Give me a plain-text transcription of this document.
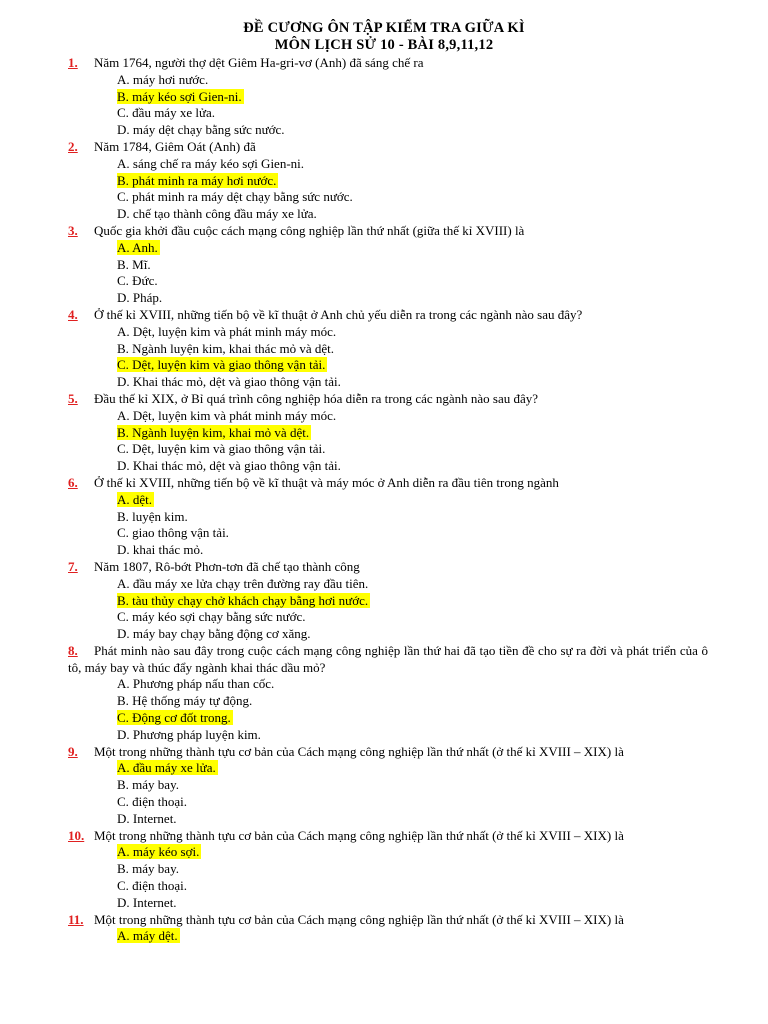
ĐỀ CƯƠNG ÔN TẬP KIỂM TRA GIỮA KÌ
MÔN LỊCH SỬ 10 - BÀI 8,9,11,12

1. Năm 1764, người thợ dệt Giêm Ha-gri-vơ (Anh) đã sáng chế ra

A. máy hơi nước.

B. máy kéo sợi Gien-ni.

C. đầu máy xe lửa.

D. máy dệt chạy bằng sức nước.

2. Năm 1784, Giêm Oát (Anh) đã

A. sáng chế ra máy kéo sợi Gien-ni.

B. phát minh ra máy hơi nước.

C. phát minh ra máy dệt chạy bằng sức nước.

D. chế tạo thành công đầu máy xe lửa.

3. Quốc gia khởi đầu cuộc cách mạng công nghiệp lần thứ nhất (giữa thế kỉ XVIII) là

A. Anh.

B. Mĩ.

C. Đức.

D. Pháp.

4. Ở thế kỉ XVIII, những tiến bộ về kĩ thuật ở Anh chủ yếu diễn ra trong các ngành nào sau đây?

A. Dệt, luyện kim và phát minh máy móc.

B. Ngành luyện kim, khai thác mỏ và dệt.

C. Dệt, luyện kim và giao thông vận tải.

D. Khai thác mỏ, dệt và giao thông vận tải.

5. Đầu thế kỉ XIX, ở Bỉ quá trình công nghiệp hóa diễn ra trong các ngành nào sau đây?

A. Dệt, luyện kim và phát minh máy móc.

B. Ngành luyện kim, khai mỏ và dệt.

C. Dệt, luyện kim và giao thông vận tải.

D. Khai thác mỏ, dệt và giao thông vận tải.

6. Ở thế kỉ XVIII, những tiến bộ về kĩ thuật và máy móc ở Anh diễn ra đầu tiên trong ngành

A. dệt.

B. luyện kim.

C. giao thông vận tải.

D. khai thác mỏ.

7. Năm 1807, Rô-bớt Phơn-tơn đã chế tạo thành công

A. đầu máy xe lửa chạy trên đường ray đầu tiên.

B. tàu thủy chạy chở khách chạy bằng hơi nước.

C. máy kéo sợi chạy bằng sức nước.

D. máy bay chạy bằng động cơ xăng.

8. Phát minh nào sau đây trong cuộc cách mạng công nghiệp lần thứ hai đã tạo tiền đề cho sự ra đời và phát triển của ô tô, máy bay và thúc đẩy ngành khai thác dầu mỏ?

A. Phương pháp nấu than cốc.

B. Hệ thống máy tự động.

C. Động cơ đốt trong.

D. Phương pháp luyện kim.

9. Một trong những thành tựu cơ bản của Cách mạng công nghiệp lần thứ nhất (ở thế kỉ XVIII – XIX) là

A. đầu máy xe lửa.

B. máy bay.

C. điện thoại.

D. Internet.

10. Một trong những thành tựu cơ bản của Cách mạng công nghiệp lần thứ nhất (ở thế kỉ XVIII – XIX) là

A. máy kéo sợi.

B. máy bay.

C. điện thoại.

D. Internet.

11. Một trong những thành tựu cơ bản của Cách mạng công nghiệp lần thứ nhất (ở thế kỉ XVIII – XIX) là

A. máy dệt.
